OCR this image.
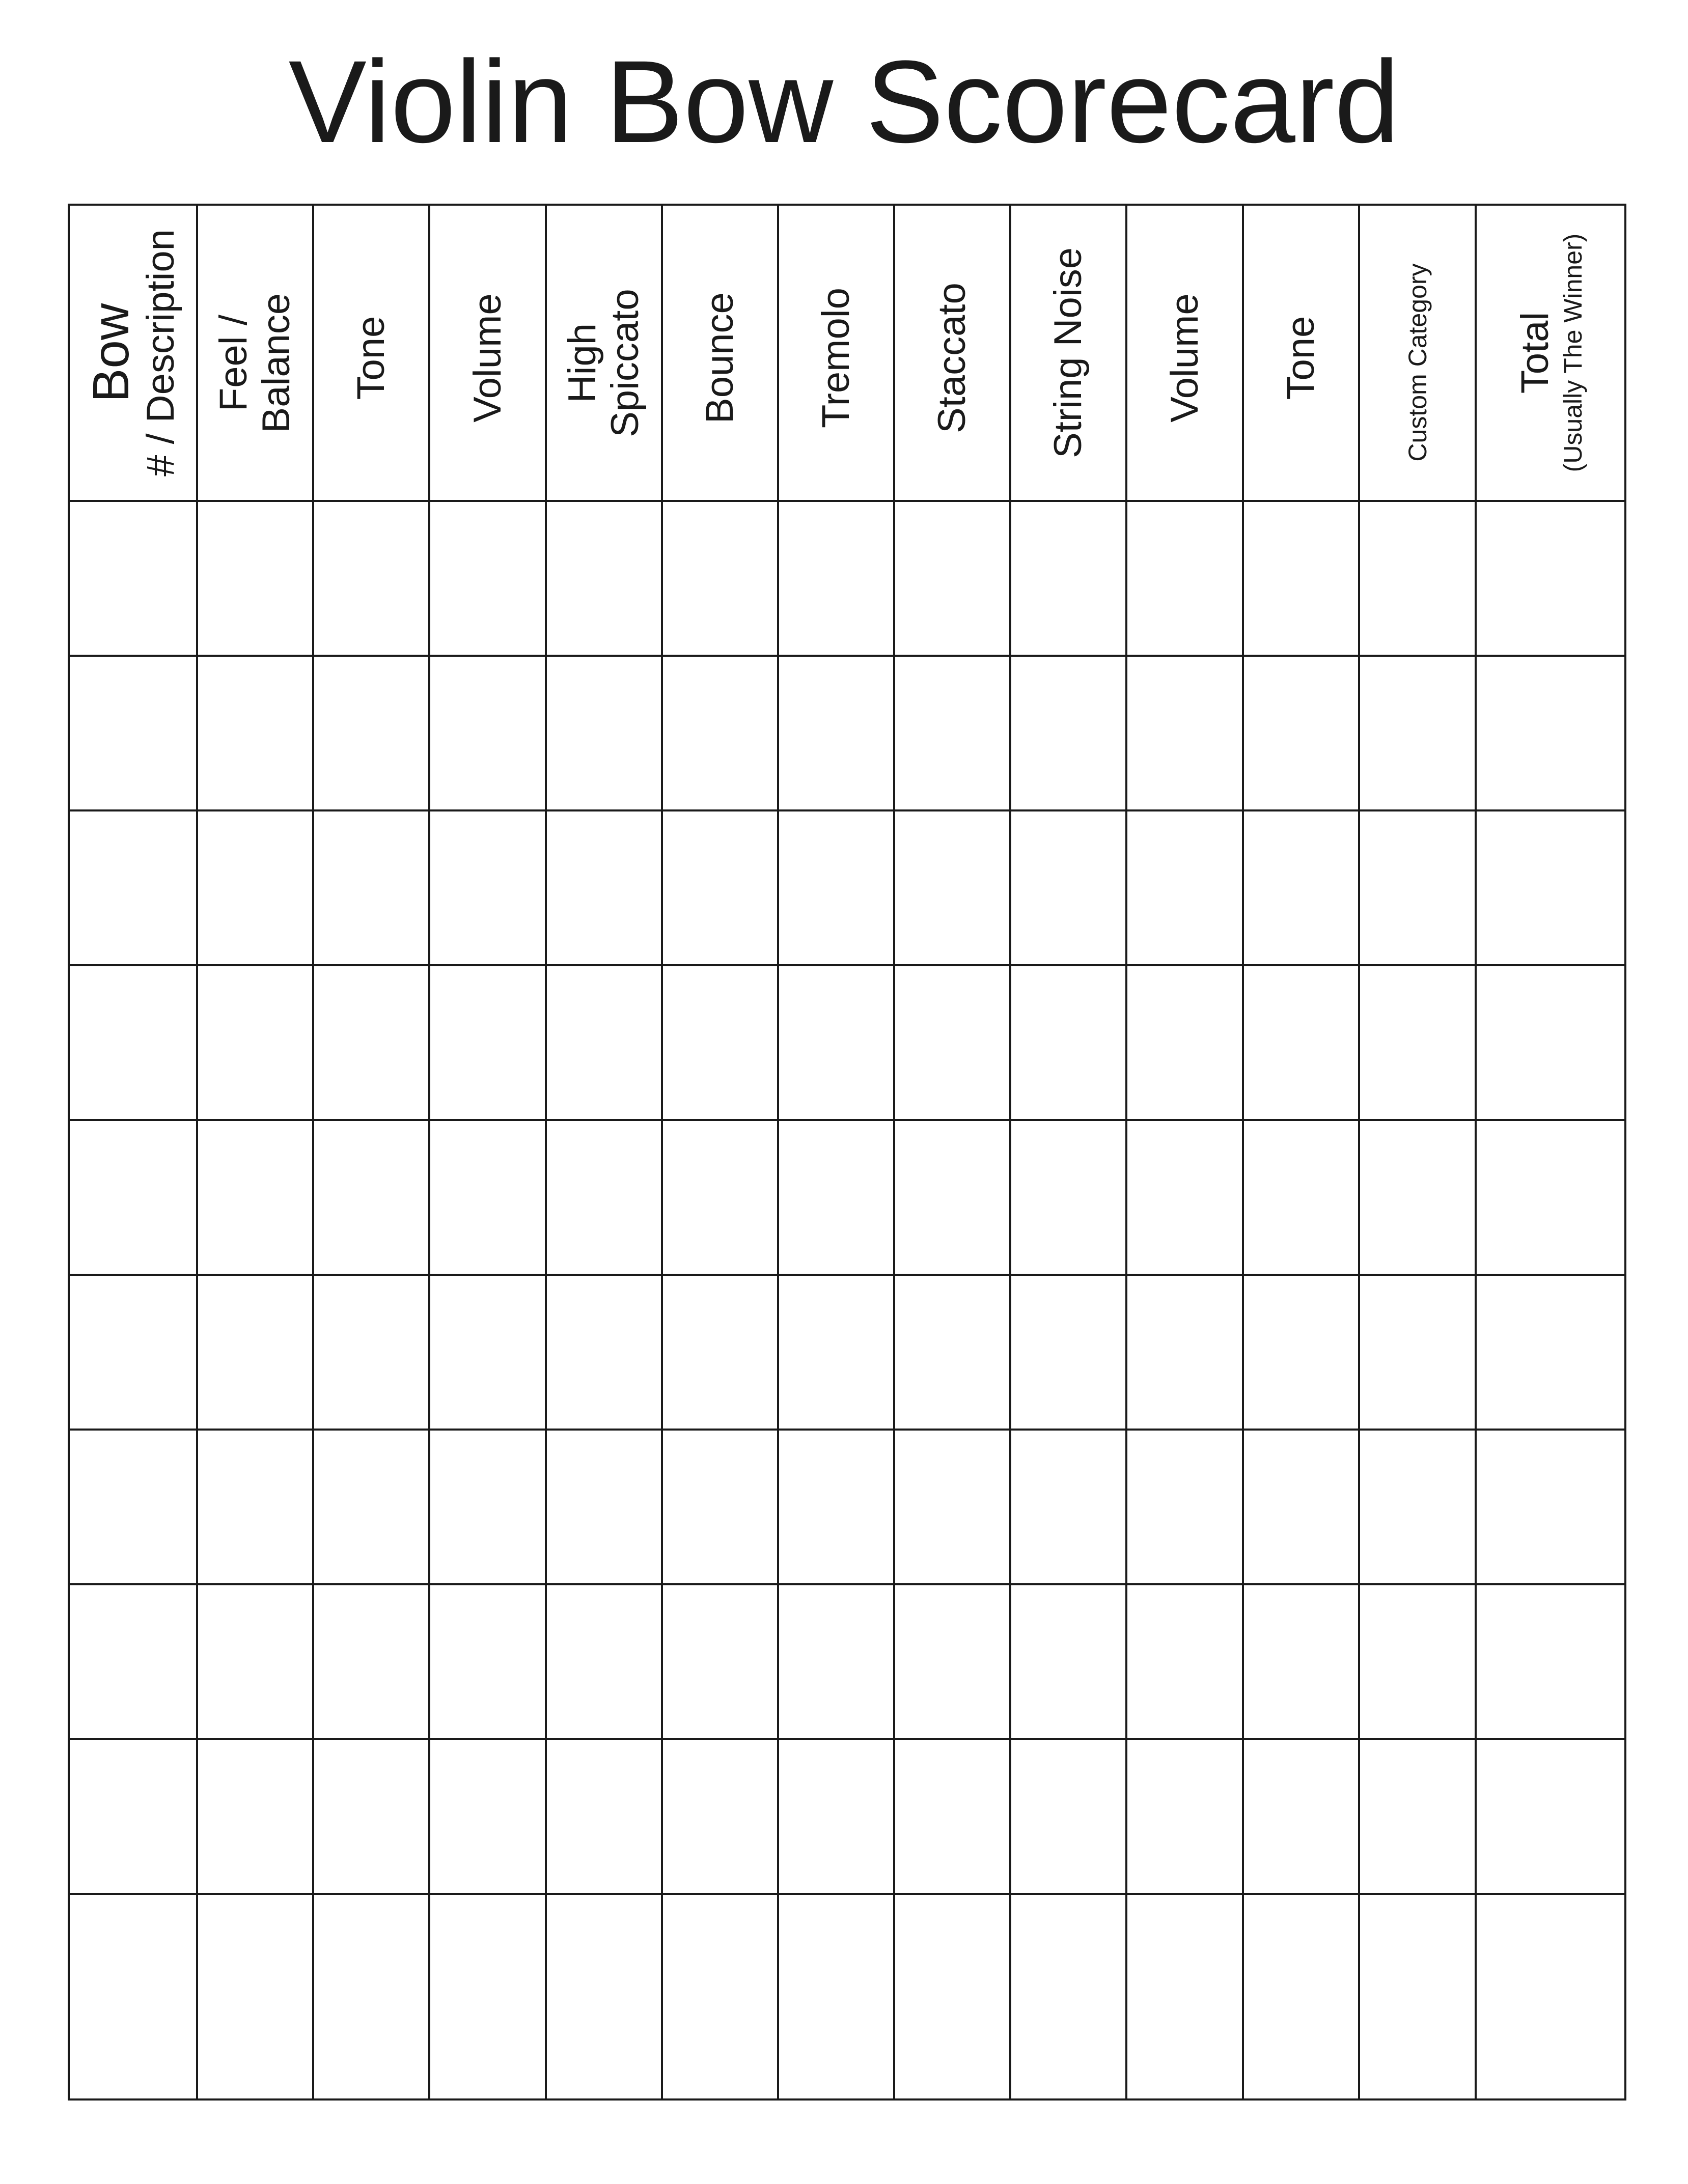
Violin Bow Scorecard
Bow # / Description	Feel / Balance	Tone	Volume	High Spiccato	Bounce	Tremolo	Staccato	String Noise	Volume	Tone	Custom Category	Total (Usually The Winner)
